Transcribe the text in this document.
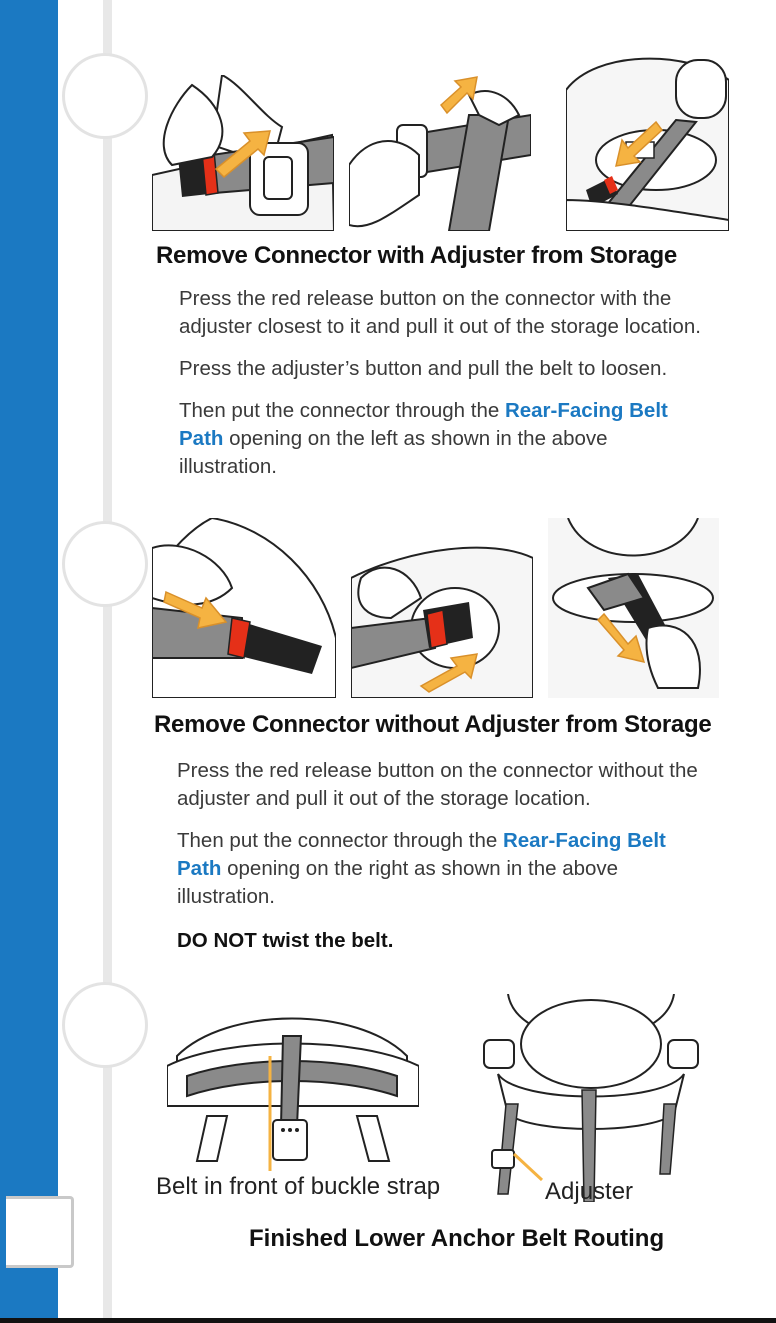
Remove Connector with Adjuster from Storage

Press the red release button on the connector with the adjuster closest to it and pull it out of the storage location.

Press the adjuster’s button and pull the belt to loosen.

Then put the connector through the Rear-Facing Belt Path opening on the left as shown in the above illustration.

Remove Connector without Adjuster from Storage

Press the red release button on the connector without the adjuster and pull it out of the storage location.

Then put the connector through the Rear-Facing Belt Path opening on the right as shown in the above illustration.

DO NOT twist the belt.

Belt in front of buckle strap	Adjuster

Finished Lower Anchor Belt Routing
